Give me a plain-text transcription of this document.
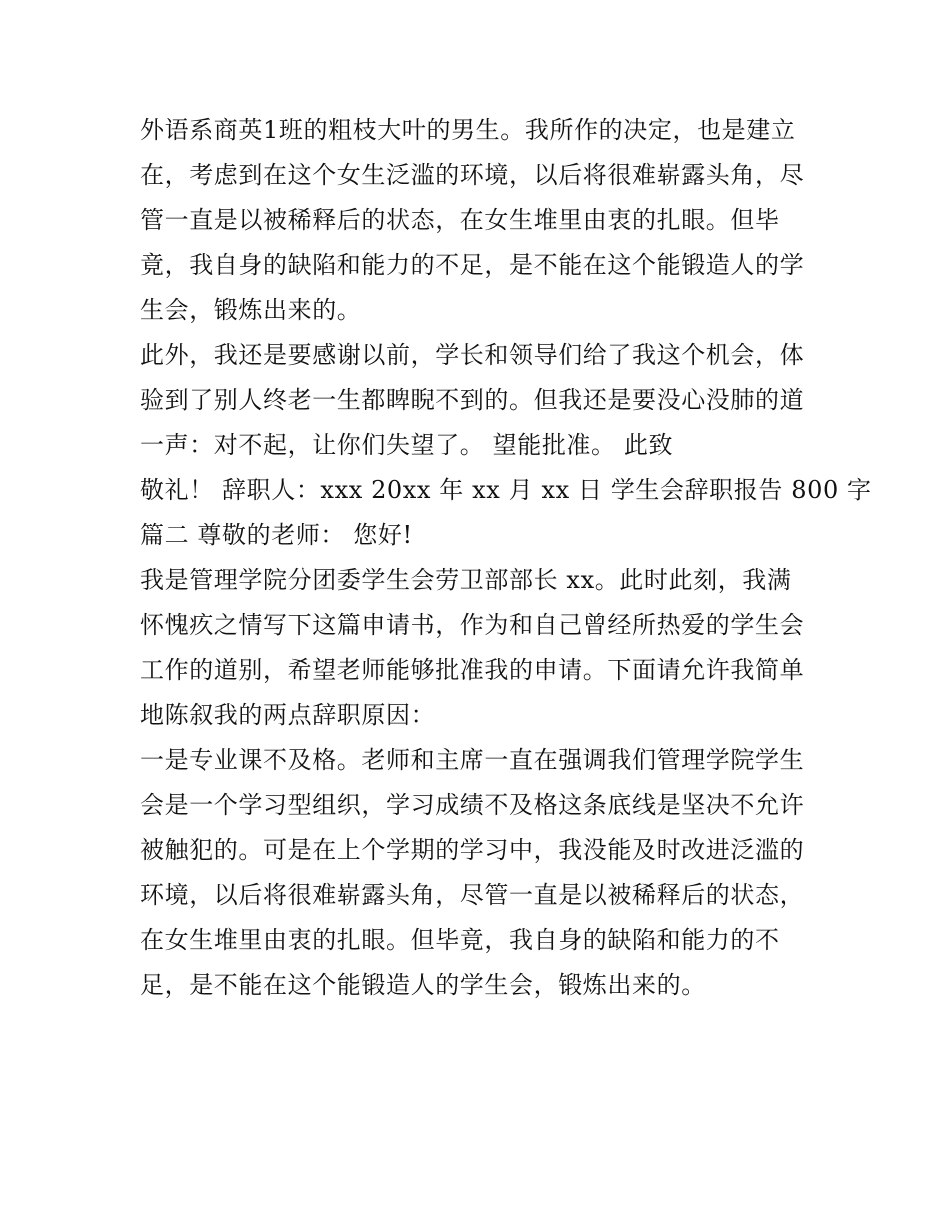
外语系商英1班的粗枝大叶的男生。我所作的决定，也是建立
在，考虑到在这个女生泛滥的环境，以后将很难崭露头角，尽
管一直是以被稀释后的状态，在女生堆里由衷的扎眼。但毕
竟，我自身的缺陷和能力的不足，是不能在这个能锻造人的学
生会，锻炼出来的。
此外，我还是要感谢以前，学长和领导们给了我这个机会，体
验到了别人终老一生都睥睨不到的。但我还是要没心没肺的道
一声：对不起，让你们失望了。 望能批准。 此致
敬礼！ 辞职人：xxx 20xx 年 xx 月 xx 日 学生会辞职报告 800 字
篇二 尊敬的老师： 您好!
我是管理学院分团委学生会劳卫部部长 xx。此时此刻，我满
怀愧疚之情写下这篇申请书，作为和自己曾经所热爱的学生会
工作的道别，希望老师能够批准我的申请。下面请允许我简单
地陈叙我的两点辞职原因：
一是专业课不及格。老师和主席一直在强调我们管理学院学生
会是一个学习型组织，学习成绩不及格这条底线是坚决不允许
被触犯的。可是在上个学期的学习中，我没能及时改进泛滥的
环境，以后将很难崭露头角，尽管一直是以被稀释后的状态，
在女生堆里由衷的扎眼。但毕竟，我自身的缺陷和能力的不
足，是不能在这个能锻造人的学生会，锻炼出来的。
